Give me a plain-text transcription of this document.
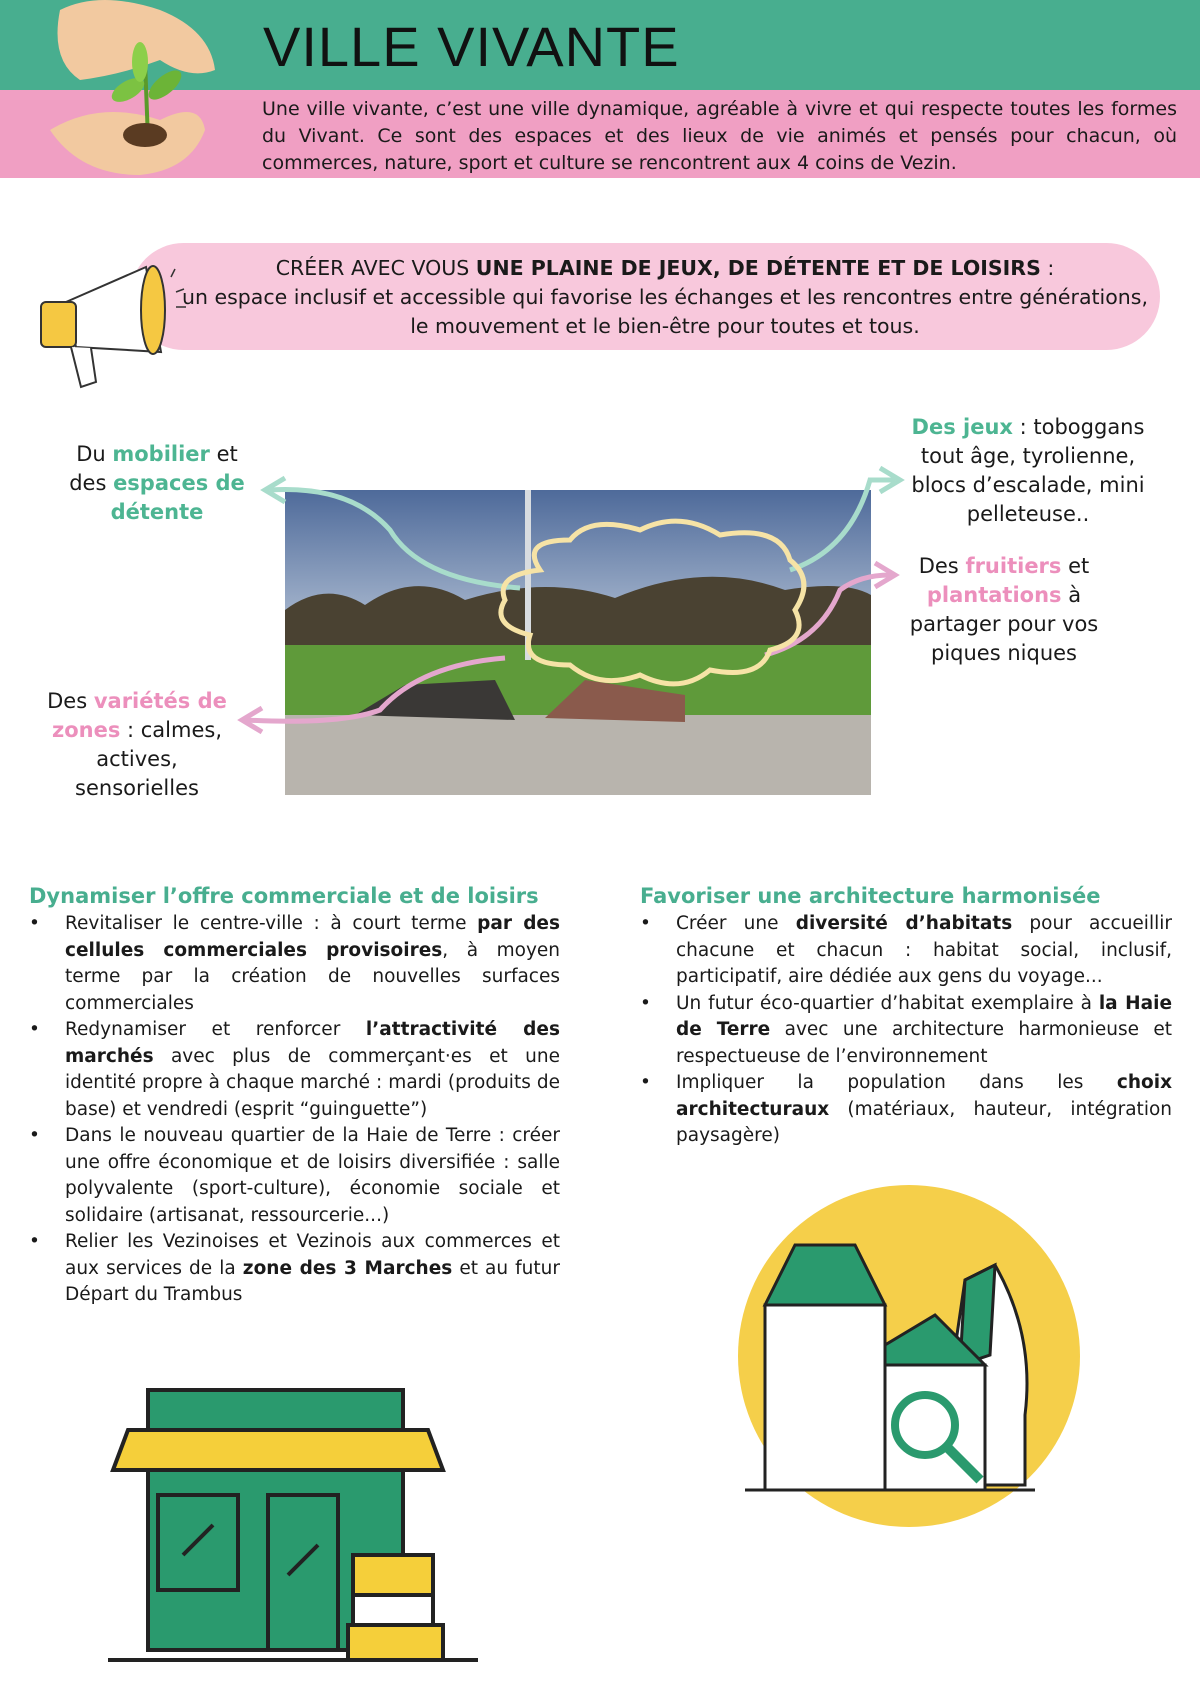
VILLE VIVANTE
Une ville vivante, c’est une ville dynamique, agréable à vivre et qui respecte toutes les formes du Vivant. Ce sont des espaces et des lieux de vie animés et pensés pour chacun, où commerces, nature, sport et culture se rencontrent aux 4 coins de Vezin.
CRÉER AVEC VOUS UNE PLAINE DE JEUX, DE DÉTENTE ET DE LOISIRS :
un espace inclusif et accessible qui favorise les échanges et les rencontres entre générations, le mouvement et le bien-être pour toutes et tous.
Du mobilier et des espaces de détente
Des jeux : toboggans tout âge, tyrolienne, blocs d’escalade, mini pelleteuse..
Des fruitiers et plantations à partager pour vos piques niques
Des variétés de zones : calmes, actives, sensorielles
Dynamiser l’offre commerciale et de loisirs
• Revitaliser le centre-ville : à court terme par des cellules commerciales provisoires, à moyen terme par la création de nouvelles surfaces commerciales
• Redynamiser et renforcer l’attractivité des marchés avec plus de commerçant·es et une identité propre à chaque marché : mardi (produits de base) et vendredi (esprit “guinguette”)
• Dans le nouveau quartier de la Haie de Terre : créer une offre économique et de loisirs diversifiée : salle polyvalente (sport-culture), économie sociale et solidaire (artisanat, ressourcerie...)
• Relier les Vezinoises et Vezinois aux commerces et aux services de la zone des 3 Marches et au futur Départ du Trambus
Favoriser une architecture harmonisée
• Créer une diversité d’habitats pour accueillir chacune et chacun : habitat social, inclusif, participatif, aire dédiée aux gens du voyage...
• Un futur éco-quartier d’habitat exemplaire à la Haie de Terre avec une architecture harmonieuse et respectueuse de l’environnement
• Impliquer la population dans les choix architecturaux (matériaux, hauteur, intégration paysagère)
